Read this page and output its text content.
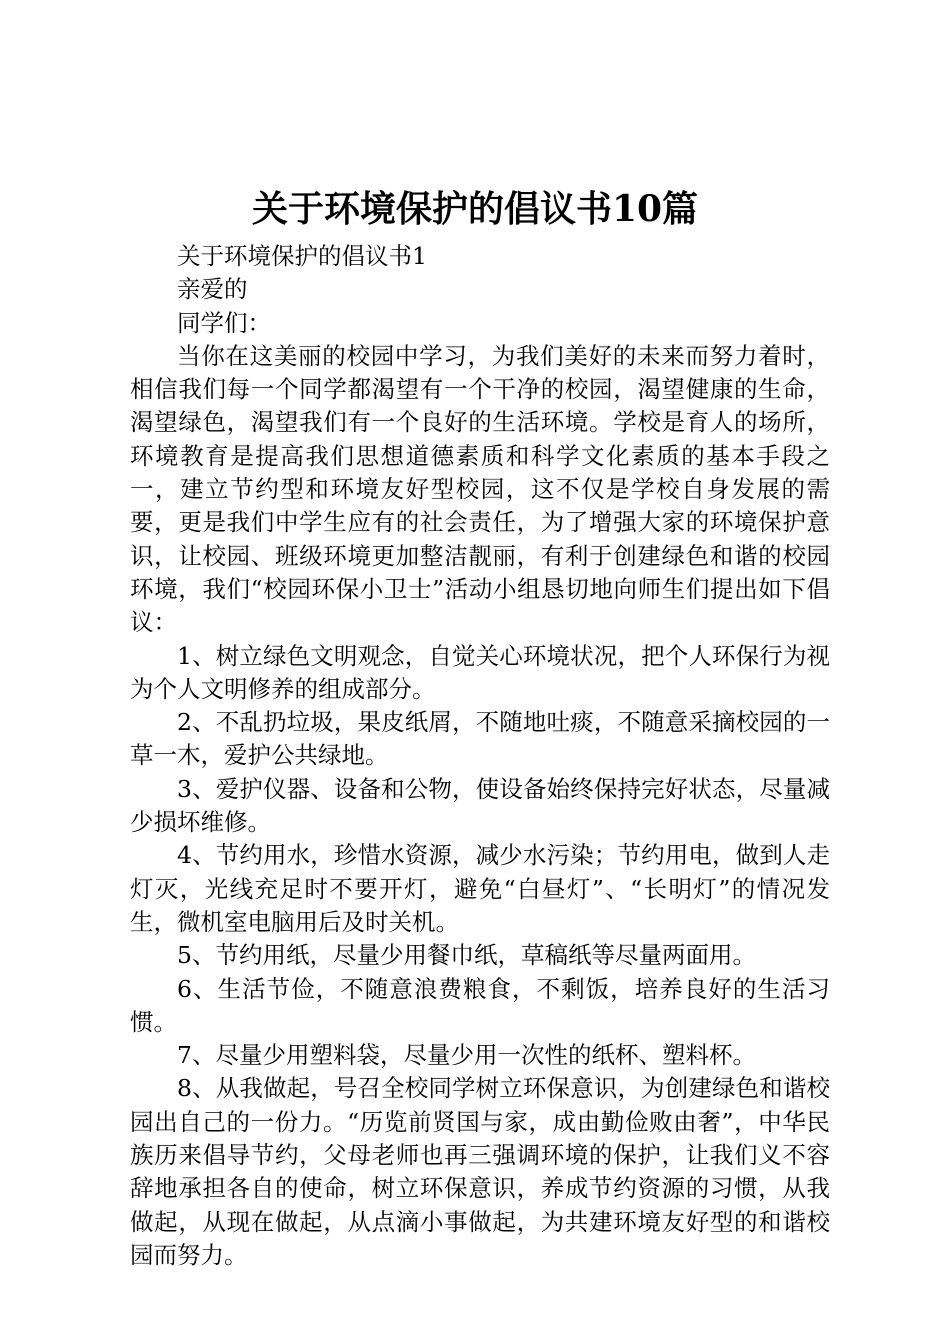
关于环境保护的倡议书10篇

关于环境保护的倡议书1

亲爱的

同学们：

当你在这美丽的校园中学习，为我们美好的未来而努力着时，相信我们每一个同学都渴望有一个干净的校园，渴望健康的生命，渴望绿色，渴望我们有一个良好的生活环境。学校是育人的场所，环境教育是提高我们思想道德素质和科学文化素质的基本手段之一，建立节约型和环境友好型校园，这不仅是学校自身发展的需要，更是我们中学生应有的社会责任，为了增强大家的环境保护意识，让校园、班级环境更加整洁靓丽，有利于创建绿色和谐的校园环境，我们“校园环保小卫士”活动小组恳切地向师生们提出如下倡议：

1、树立绿色文明观念，自觉关心环境状况，把个人环保行为视为个人文明修养的组成部分。

2、不乱扔垃圾，果皮纸屑，不随地吐痰，不随意采摘校园的一草一木，爱护公共绿地。

3、爱护仪器、设备和公物，使设备始终保持完好状态，尽量减少损坏维修。

4、节约用水，珍惜水资源，减少水污染；节约用电，做到人走灯灭，光线充足时不要开灯，避免“白昼灯”、“长明灯”的情况发生，微机室电脑用后及时关机。

5、节约用纸，尽量少用餐巾纸，草稿纸等尽量两面用。

6、生活节俭，不随意浪费粮食，不剩饭，培养良好的生活习惯。

7、尽量少用塑料袋，尽量少用一次性的纸杯、塑料杯。

8、从我做起，号召全校同学树立环保意识，为创建绿色和谐校园出自己的一份力。“历览前贤国与家，成由勤俭败由奢”，中华民族历来倡导节约，父母老师也再三强调环境的保护，让我们义不容辞地承担各自的使命，树立环保意识，养成节约资源的习惯，从我做起，从现在做起，从点滴小事做起，为共建环境友好型的和谐校园而努力。
